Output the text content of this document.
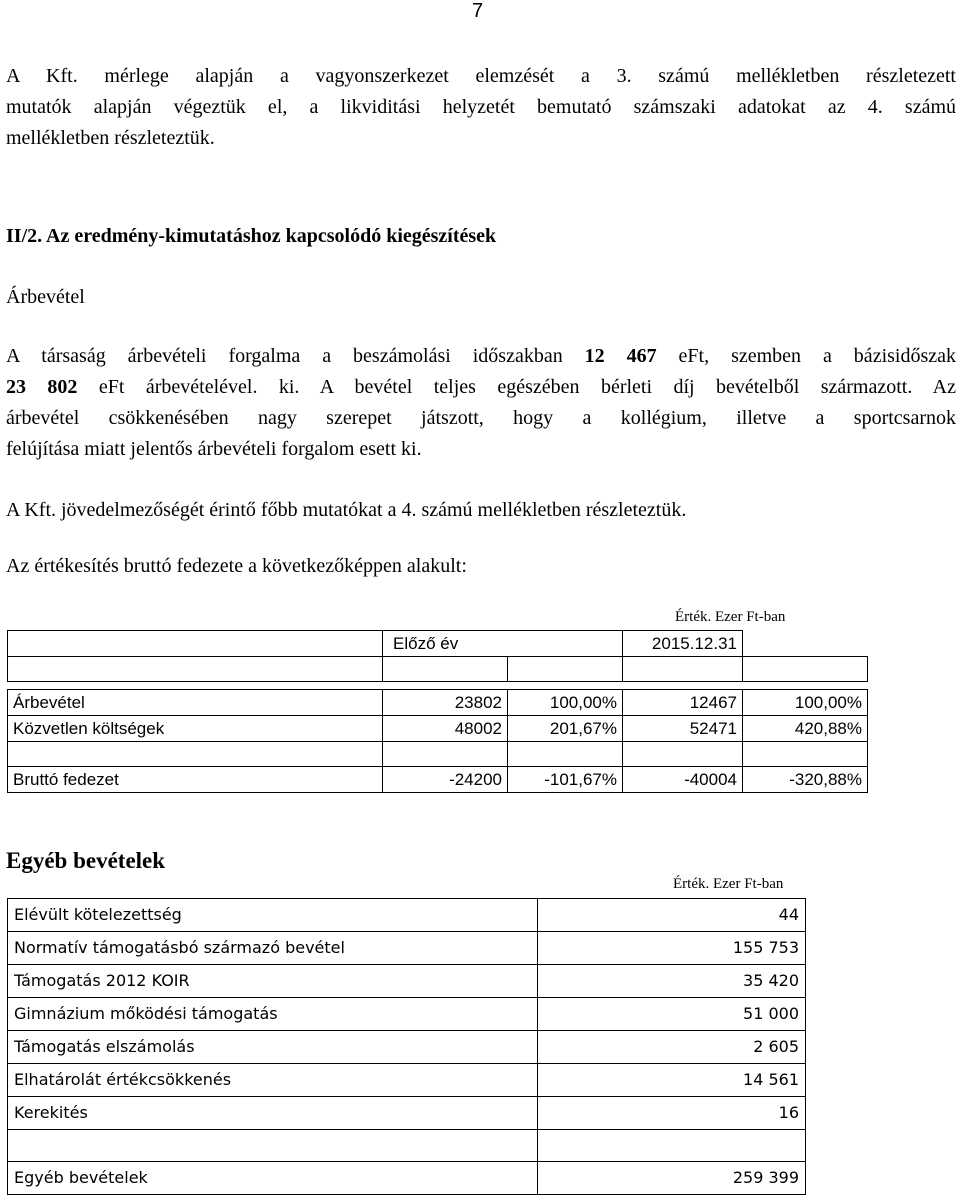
7
A Kft. mérlege alapján a vagyonszerkezet elemzését a 3. számú mellékletben részletezett
mutatók alapján végeztük el, a likviditási helyzetét bemutató számszaki adatokat az 4. számú
mellékletben részleteztük.
II/2. Az eredmény-kimutatáshoz kapcsolódó kiegészítések
Árbevétel
A társaság árbevételi forgalma a beszámolási időszakban 12 467 eFt, szemben a bázisidőszak
23 802 eFt árbevételével. ki. A bevétel teljes egészében bérleti díj bevételből származott. Az
árbevétel csökkenésében nagy szerepet játszott, hogy a kollégium, illetve a sportcsarnok
felújítása miatt jelentős árbevételi forgalom esett ki.
A Kft. jövedelmezőségét érintő főbb mutatókat a 4. számú mellékletben részleteztük.
Az értékesítés bruttó fedezete a következőképpen alakult:
Érték. Ezer Ft-ban
	Előző év		2015.12.31	

Árbevétel	23802	100,00%	12467	100,00%
Közvetlen költségek	48002	201,67%	52471	420,88%

Bruttó fedezet	-24200	-101,67%	-40004	-320,88%
Egyéb bevételek
Érték. Ezer Ft-ban
Elévült kötelezettség	44
Normatív támogatásbó származó bevétel	155 753
Támogatás 2012 KOIR	35 420
Gimnázium mőködési támogatás	51 000
Támogatás elszámolás	2 605
Elhatárolát értékcsökkenés	14 561
Kerekités	16

Egyéb bevételek	259 399
